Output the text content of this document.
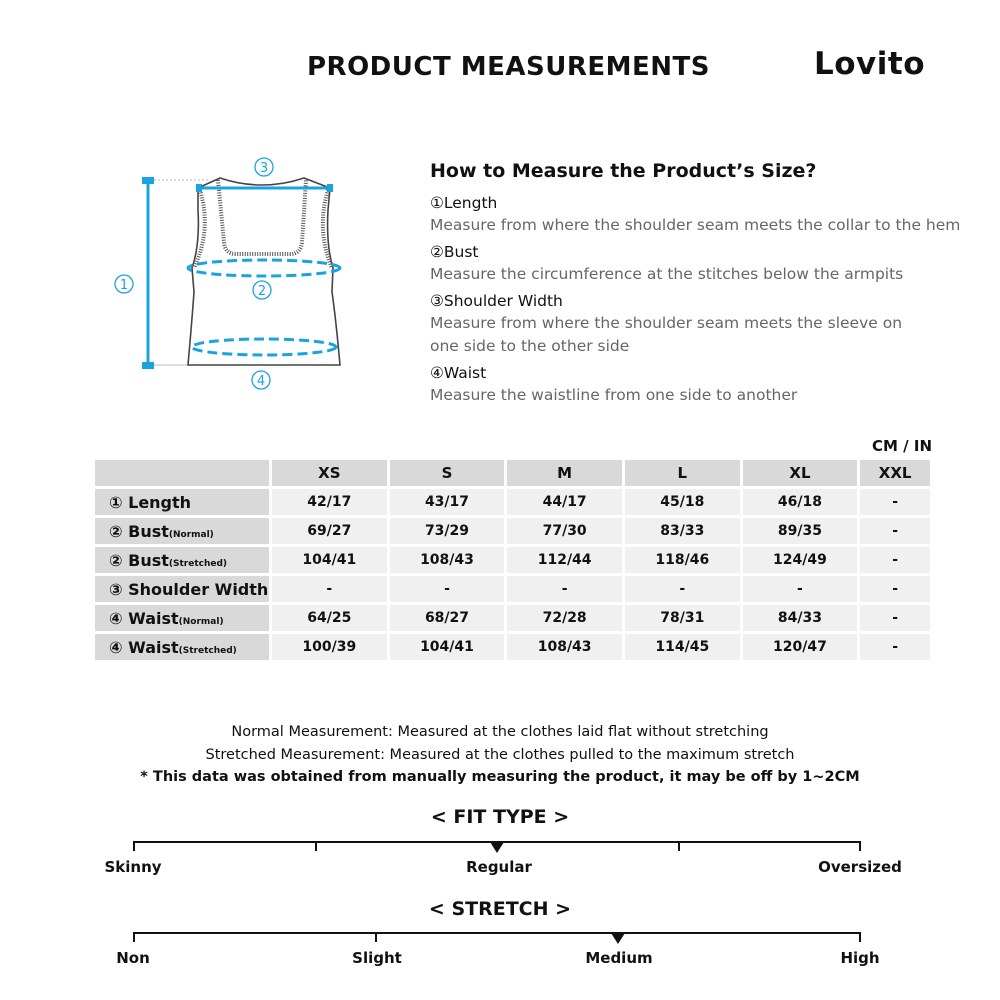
PRODUCT MEASUREMENTS	Lovito
1	2
3
4
How to Measure the Product’s Size?
①Length
Measure from where the shoulder seam meets the collar to the hem
②Bust
Measure the circumference at the stitches below the armpits
③Shoulder Width
Measure from where the shoulder seam meets the sleeve on one side to the other side
④Waist
Measure the waistline from one side to another
CM / IN
	XS	S	M	L	XL	XXL
① Length	42/17	43/17	44/17	45/18	46/18	-
② Bust(Normal)	69/27	73/29	77/30	83/33	89/35	-
② Bust(Stretched)	104/41	108/43	112/44	118/46	124/49	-
③ Shoulder Width	-	-	-	-	-	-
④ Waist(Normal)	64/25	68/27	72/28	78/31	84/33	-
④ Waist(Stretched)	100/39	104/41	108/43	114/45	120/47	-
Normal Measurement: Measured at the clothes laid flat without stretching
Stretched Measurement: Measured at the clothes pulled to the maximum stretch
* This data was obtained from manually measuring the product, it may be off by 1~2CM
< FIT TYPE >
Skinny	Regular	Oversized
< STRETCH >
Non	Slight	Medium	High
